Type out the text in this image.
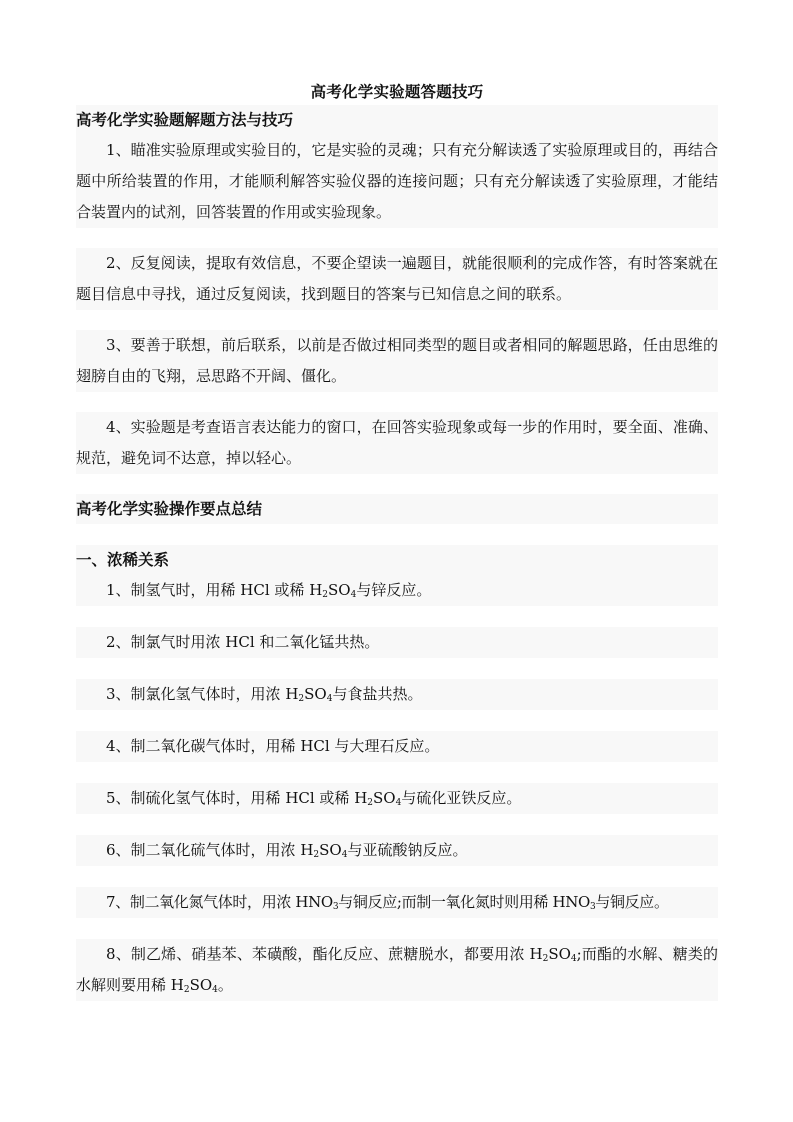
高考化学实验题答题技巧
高考化学实验题解题方法与技巧

1、瞄准实验原理或实验目的，它是实验的灵魂；只有充分解读透了实验原理或目的，再结合题中所给装置的作用，才能顺利解答实验仪器的连接问题；只有充分解读透了实验原理，才能结合装置内的试剂，回答装置的作用或实验现象。

2、反复阅读，提取有效信息，不要企望读一遍题目，就能很顺利的完成作答，有时答案就在题目信息中寻找，通过反复阅读，找到题目的答案与已知信息之间的联系。

3、要善于联想，前后联系，以前是否做过相同类型的题目或者相同的解题思路，任由思维的翅膀自由的飞翔，忌思路不开阔、僵化。

4、实验题是考查语言表达能力的窗口，在回答实验现象或每一步的作用时，要全面、准确、规范，避免词不达意，掉以轻心。

高考化学实验操作要点总结
一、浓稀关系

1、制氢气时，用稀 HCl 或稀 $H_2SO_4$与锌反应。

2、制氯气时用浓 HCl 和二氧化锰共热。

3、制氯化氢气体时，用浓 $H_2SO_4$与食盐共热。

4、制二氧化碳气体时，用稀 HCl 与大理石反应。

5、制硫化氢气体时，用稀 HCl 或稀 $H_2SO_4$与硫化亚铁反应。

6、制二氧化硫气体时，用浓 $H_2SO_4$与亚硫酸钠反应。

7、制二氧化氮气体时，用浓 $HNO_3$与铜反应;而制一氧化氮时则用稀 $HNO_3$与铜反应。

8、制乙烯、硝基苯、苯磺酸，酯化反应、蔗糖脱水，都要用浓 $H_2SO_4$;而酯的水解、糖类的水解则要用稀 $H_2SO_4$。
